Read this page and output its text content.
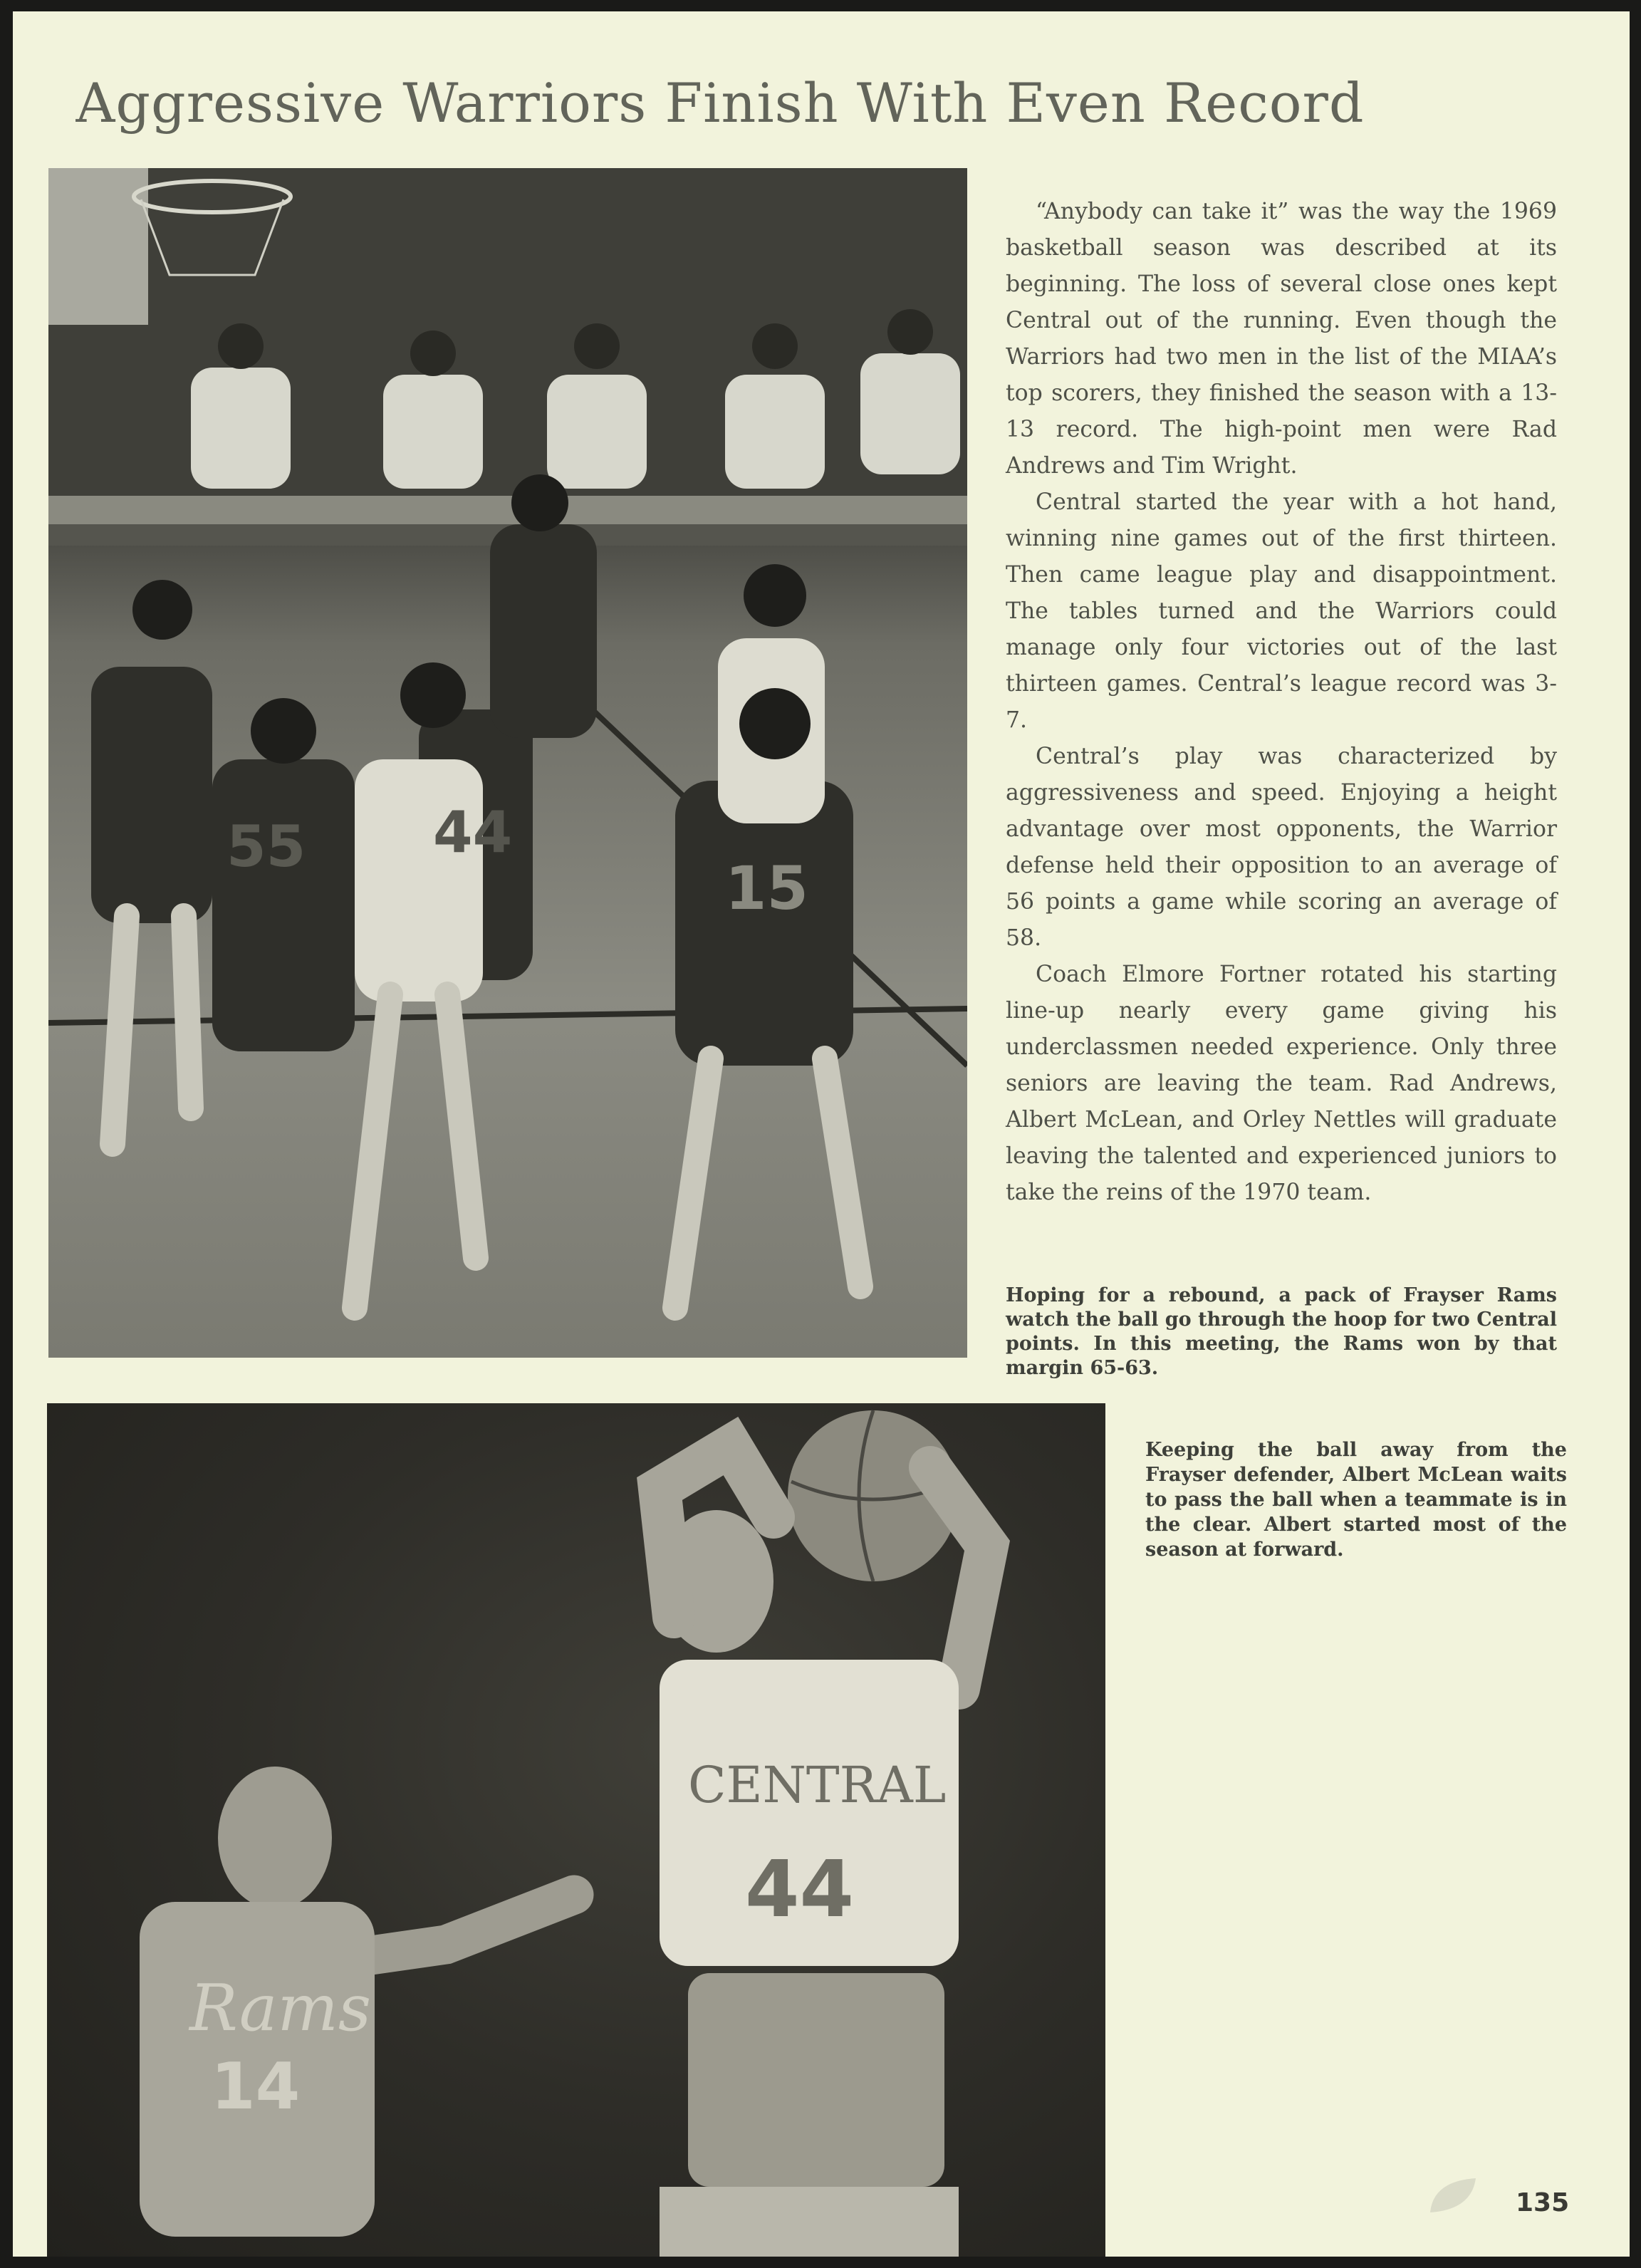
Aggressive Warriors Finish With Even Record
44
55
15

“Anybody can take it” was the way the 1969 basketball season was described at its beginning. The loss of several close ones kept Central out of the running. Even though the Warriors had two men in the list of the MIAA’s top scorers, they finished the season with a 13-13 record. The high-point men were Rad Andrews and Tim Wright.

Central started the year with a hot hand, winning nine games out of the first thirteen. Then came league play and disappointment. The tables turned and the Warriors could manage only four victories out of the last thirteen games. Central’s league record was 3-7.

Central’s play was characterized by aggressiveness and speed. Enjoying a height advantage over most opponents, the Warrior defense held their opposition to an average of 56 points a game while scoring an average of 58.

Coach Elmore Fortner rotated his starting line-up nearly every game giving his underclassmen needed experience. Only three seniors are leaving the team. Rad Andrews, Albert McLean, and Orley Nettles will graduate leaving the talented and experienced juniors to take the reins of the 1970 team.

Hoping for a rebound, a pack of Frayser Rams watch the ball go through the hoop for two Central points. In this meeting, the Rams won by that margin 65-63.

CENTRAL
44
Rams
14

Keeping the ball away from the Frayser defender, Albert McLean waits to pass the ball when a teammate is in the clear. Albert started most of the season at forward.

135
